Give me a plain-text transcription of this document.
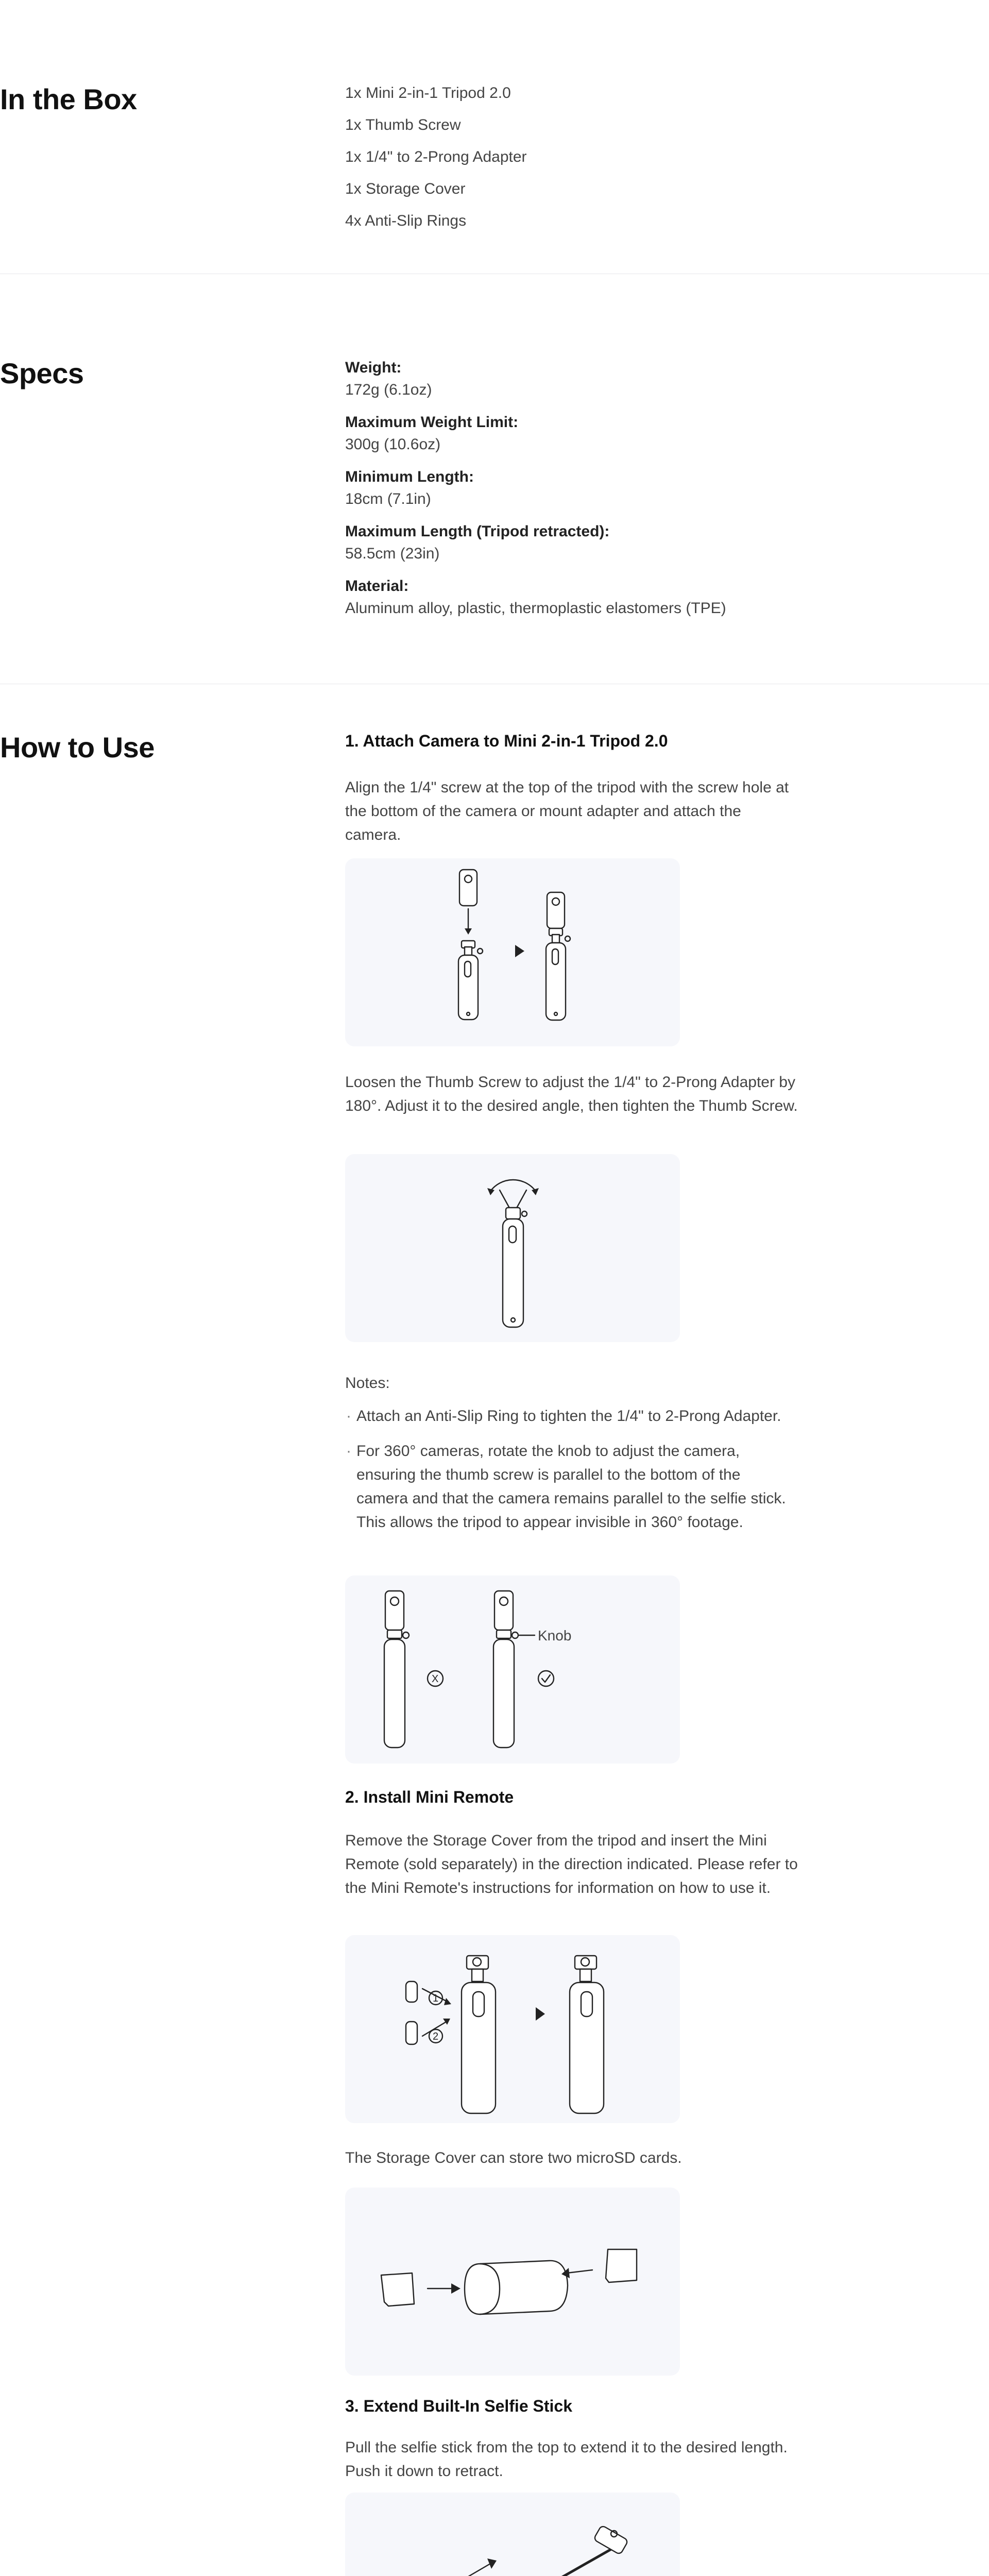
In the Box	1x Mini 2-in-1 Tripod 2.0
1x Thumb Screw
1x 1/4" to 2-Prong Adapter
1x Storage Cover
4x Anti-Slip Rings
Specs	Weight:
172g (6.1oz)
Maximum Weight Limit:
300g (10.6oz)
Minimum Length:
18cm (7.1in)
Maximum Length (Tripod retracted):
58.5cm (23in)
Material:
Aluminum alloy, plastic, thermoplastic elastomers (TPE)
How to Use	1. Attach Camera to Mini 2-in-1 Tripod 2.0
Align the 1/4" screw at the top of the tripod with the screw hole at the bottom of the camera or mount adapter and attach the camera.
Loosen the Thumb Screw to adjust the 1/4" to 2-Prong Adapter by 180°. Adjust it to the desired angle, then tighten the Thumb Screw.
Notes:
· Attach an Anti-Slip Ring to tighten the 1/4" to 2-Prong Adapter.
· For 360° cameras, rotate the knob to adjust the camera, ensuring the thumb screw is parallel to the bottom of the camera and that the camera remains parallel to the selfie stick. This allows the tripod to appear invisible in 360° footage.
X
Knob
2. Install Mini Remote
Remove the Storage Cover from the tripod and insert the Mini Remote (sold separately) in the direction indicated. Please refer to the Mini Remote's instructions for information on how to use it.
1
2
The Storage Cover can store two microSD cards.
3. Extend Built-In Selfie Stick
Pull the selfie stick from the top to extend it to the desired length. Push it down to retract.
